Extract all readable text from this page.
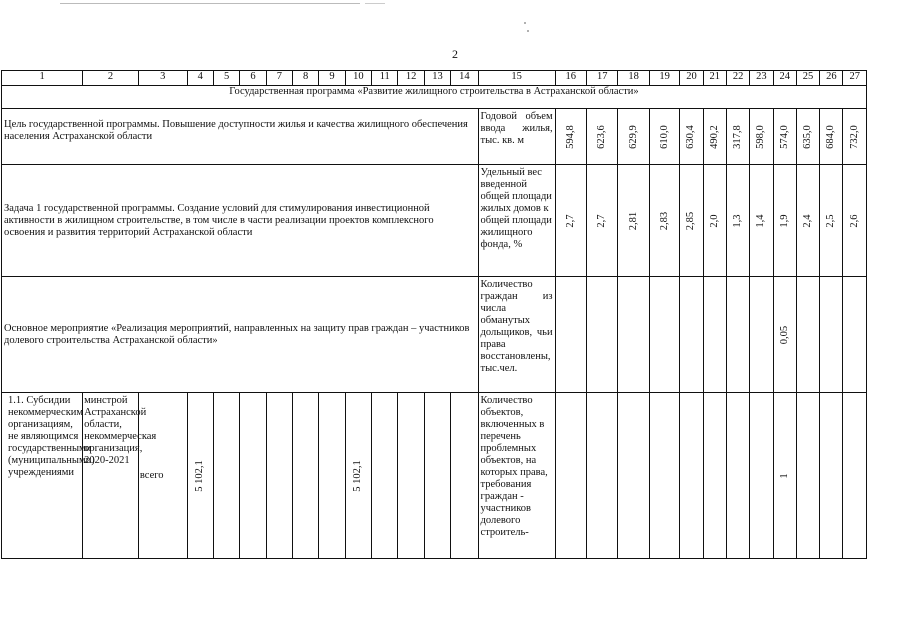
2
1	2	3	4	5	6	7	8	9	10	11	12	13	14	15	16	17	18	19	20	21	22	23	24	25	26	27
Государственная программа «Развитие жилищного строительства в Астраханской области»																										
Цель государственной программы. Повышение доступности жилья и качества жилищного обеспечения населения Астраханской области														Годовой объем ввода жилья, тыс. кв. м	594,8	623,6	629,9	610,0	630,4	490,2	317,8	598,0	574,0	635,0	684,0	732,0

Задача 1 государственной программы. Создание условий для стимулирования инвестиционной активности в жилищном строительстве, в том числе в части реализации проектов комплексного освоения и развития территорий Астраханской области														Удельный вес введенной общей площади жилых домов к общей площади жилищного фонда, %	2,7	2,7	2,81	2,83	2,85	2,0	1,3	1,4	1,9	2,4	2,5	2,6

Основное мероприятие «Реализация мероприятий, направленных на защиту прав граждан – участников долевого строительства Астраханской области»														Количество граждан из числа обманутых дольщиков, чьи права восстановлены, тыс.чел.									0,05			

1.1. Субсидии некоммерческим организациям, не являющимся государственными (муниципальными) учреждениями	минстрой Астраханской области, некоммерческая организация, 2020-2021	всего	5 102,1						5 102,1					Количество объектов, включенных в перечень проблемных объектов, на которых права, требования граждан - участников долевого строитель-									1			
